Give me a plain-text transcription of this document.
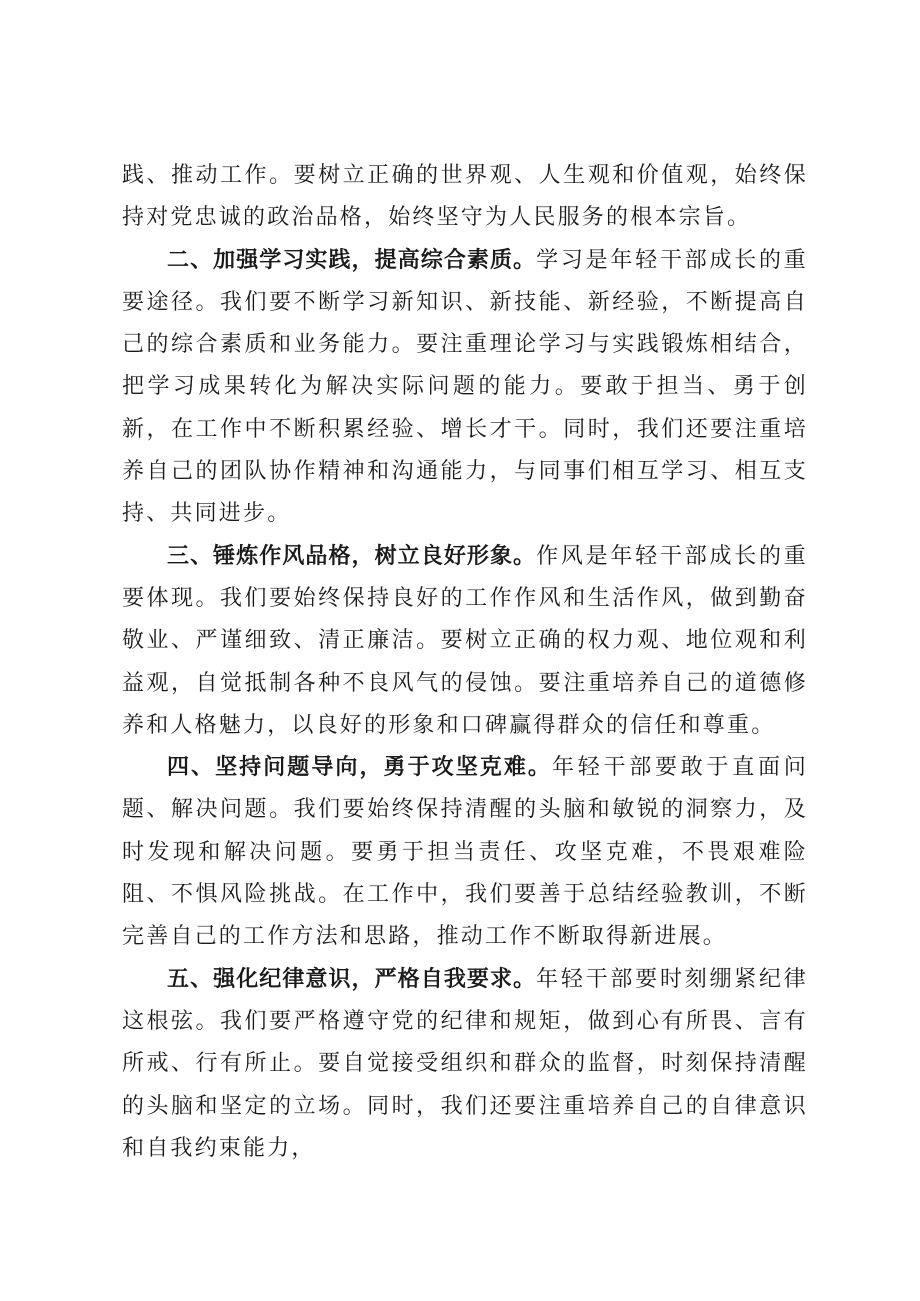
践、推动工作。要树立正确的世界观、人生观和价值观，始终保持对党忠诚的政治品格，始终坚守为人民服务的根本宗旨。

二、加强学习实践，提高综合素质。学习是年轻干部成长的重要途径。我们要不断学习新知识、新技能、新经验，不断提高自己的综合素质和业务能力。要注重理论学习与实践锻炼相结合，把学习成果转化为解决实际问题的能力。要敢于担当、勇于创新，在工作中不断积累经验、增长才干。同时，我们还要注重培养自己的团队协作精神和沟通能力，与同事们相互学习、相互支持、共同进步。

三、锤炼作风品格，树立良好形象。作风是年轻干部成长的重要体现。我们要始终保持良好的工作作风和生活作风，做到勤奋敬业、严谨细致、清正廉洁。要树立正确的权力观、地位观和利益观，自觉抵制各种不良风气的侵蚀。要注重培养自己的道德修养和人格魅力，以良好的形象和口碑赢得群众的信任和尊重。

四、坚持问题导向，勇于攻坚克难。年轻干部要敢于直面问题、解决问题。我们要始终保持清醒的头脑和敏锐的洞察力，及时发现和解决问题。要勇于担当责任、攻坚克难，不畏艰难险阻、不惧风险挑战。在工作中，我们要善于总结经验教训，不断完善自己的工作方法和思路，推动工作不断取得新进展。

五、强化纪律意识，严格自我要求。年轻干部要时刻绷紧纪律这根弦。我们要严格遵守党的纪律和规矩，做到心有所畏、言有所戒、行有所止。要自觉接受组织和群众的监督，时刻保持清醒的头脑和坚定的立场。同时，我们还要注重培养自己的自律意识和自我约束能力，
